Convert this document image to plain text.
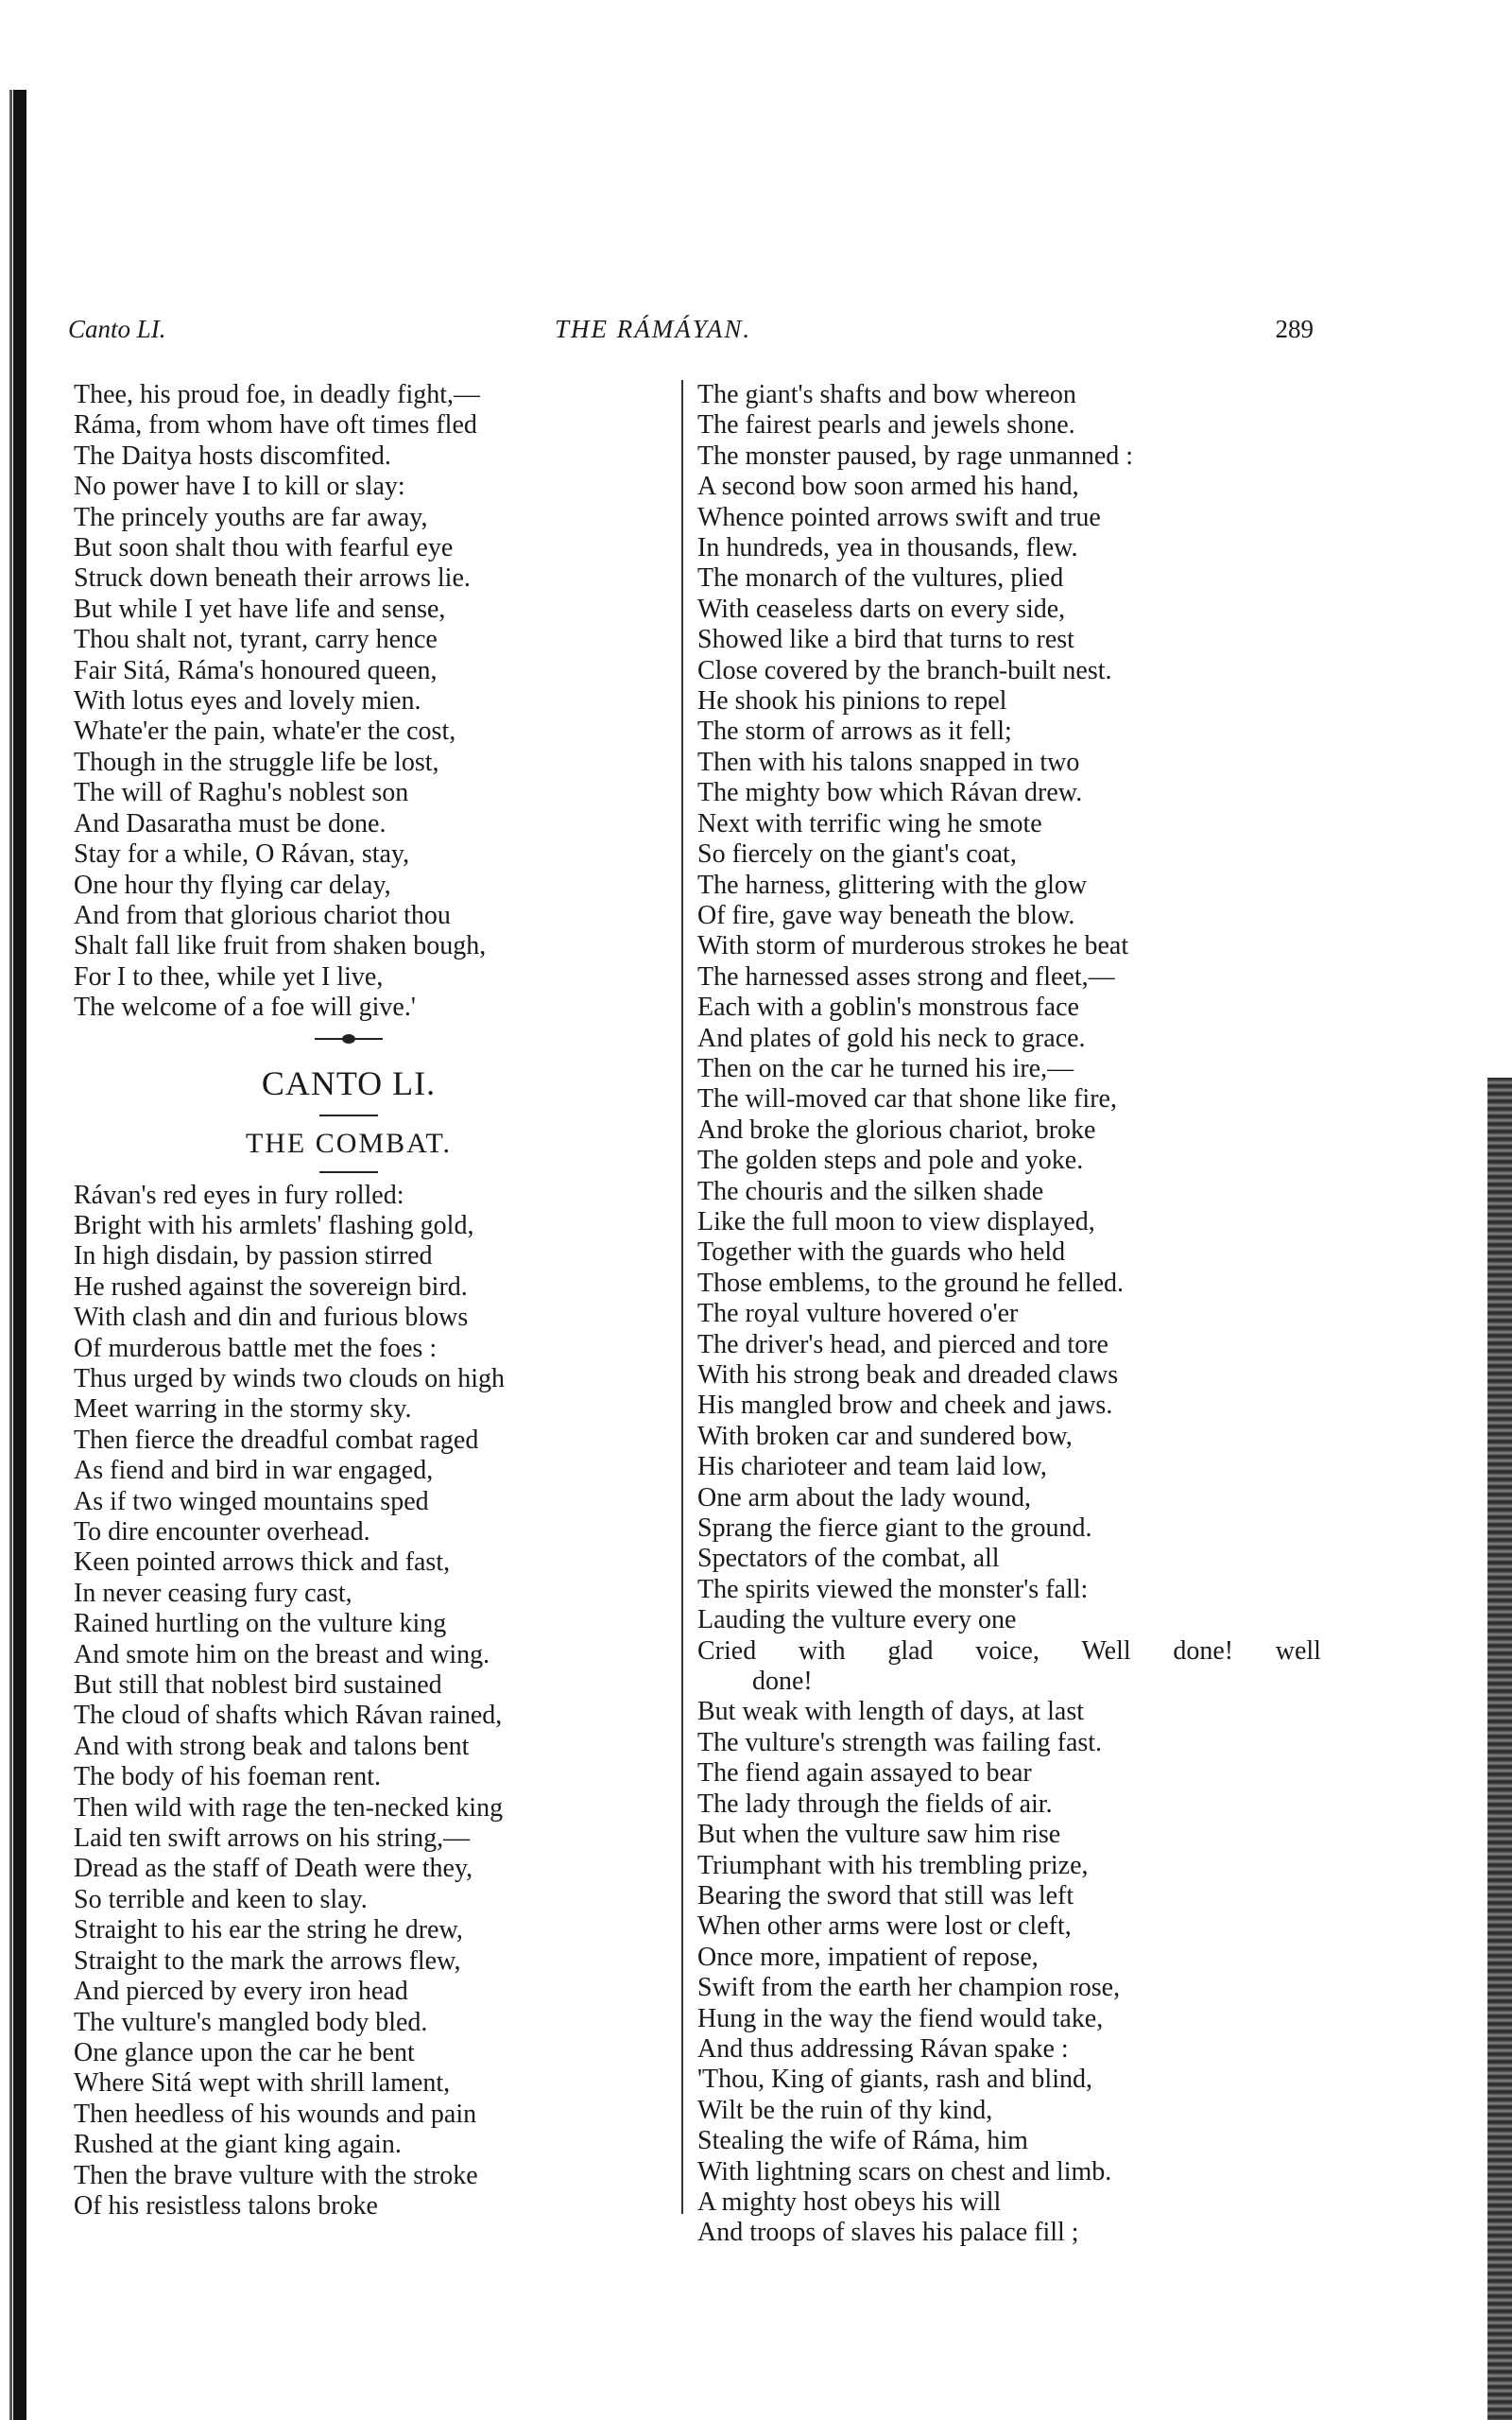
Canto LI.	THE RÁMÁYAN.	289
Thee, his proud foe, in deadly fight,—
Ráma, from whom have oft times fled
The Daitya hosts discomfited.
No power have I to kill or slay:
The princely youths are far away,
But soon shalt thou with fearful eye
Struck down beneath their arrows lie.
But while I yet have life and sense,
Thou shalt not, tyrant, carry hence
Fair Sitá, Ráma's honoured queen,
With lotus eyes and lovely mien.
Whate'er the pain, whate'er the cost,
Though in the struggle life be lost,
The will of Raghu's noblest son
And Dasaratha must be done.
Stay for a while, O Rávan, stay,
One hour thy flying car delay,
And from that glorious chariot thou
Shalt fall like fruit from shaken bough,
For I to thee, while yet I live,
The welcome of a foe will give.'
CANTO LI.
THE COMBAT.
Rávan's red eyes in fury rolled:
Bright with his armlets' flashing gold,
In high disdain, by passion stirred
He rushed against the sovereign bird.
With clash and din and furious blows
Of murderous battle met the foes :
Thus urged by winds two clouds on high
Meet warring in the stormy sky.
Then fierce the dreadful combat raged
As fiend and bird in war engaged,
As if two winged mountains sped
To dire encounter overhead.
Keen pointed arrows thick and fast,
In never ceasing fury cast,
Rained hurtling on the vulture king
And smote him on the breast and wing.
But still that noblest bird sustained
The cloud of shafts which Rávan rained,
And with strong beak and talons bent
The body of his foeman rent.
Then wild with rage the ten-necked king
Laid ten swift arrows on his string,—
Dread as the staff of Death were they,
So terrible and keen to slay.
Straight to his ear the string he drew,
Straight to the mark the arrows flew,
And pierced by every iron head
The vulture's mangled body bled.
One glance upon the car he bent
Where Sitá wept with shrill lament,
Then heedless of his wounds and pain
Rushed at the giant king again.
Then the brave vulture with the stroke
Of his resistless talons broke
The giant's shafts and bow whereon
The fairest pearls and jewels shone.
The monster paused, by rage unmanned :
A second bow soon armed his hand,
Whence pointed arrows swift and true
In hundreds, yea in thousands, flew.
The monarch of the vultures, plied
With ceaseless darts on every side,
Showed like a bird that turns to rest
Close covered by the branch-built nest.
He shook his pinions to repel
The storm of arrows as it fell;
Then with his talons snapped in two
The mighty bow which Rávan drew.
Next with terrific wing he smote
So fiercely on the giant's coat,
The harness, glittering with the glow
Of fire, gave way beneath the blow.
With storm of murderous strokes he beat
The harnessed asses strong and fleet,—
Each with a goblin's monstrous face
And plates of gold his neck to grace.
Then on the car he turned his ire,—
The will-moved car that shone like fire,
And broke the glorious chariot, broke
The golden steps and pole and yoke.
The chouris and the silken shade
Like the full moon to view displayed,
Together with the guards who held
Those emblems, to the ground he felled.
The royal vulture hovered o'er
The driver's head, and pierced and tore
With his strong beak and dreaded claws
His mangled brow and cheek and jaws.
With broken car and sundered bow,
His charioteer and team laid low,
One arm about the lady wound,
Sprang the fierce giant to the ground.
Spectators of the combat, all
The spirits viewed the monster's fall:
Lauding the vulture every one
Cried with glad voice, Well done! well
done!
But weak with length of days, at last
The vulture's strength was failing fast.
The fiend again assayed to bear
The lady through the fields of air.
But when the vulture saw him rise
Triumphant with his trembling prize,
Bearing the sword that still was left
When other arms were lost or cleft,
Once more, impatient of repose,
Swift from the earth her champion rose,
Hung in the way the fiend would take,
And thus addressing Rávan spake :
'Thou, King of giants, rash and blind,
Wilt be the ruin of thy kind,
Stealing the wife of Ráma, him
With lightning scars on chest and limb.
A mighty host obeys his will
And troops of slaves his palace fill ;
